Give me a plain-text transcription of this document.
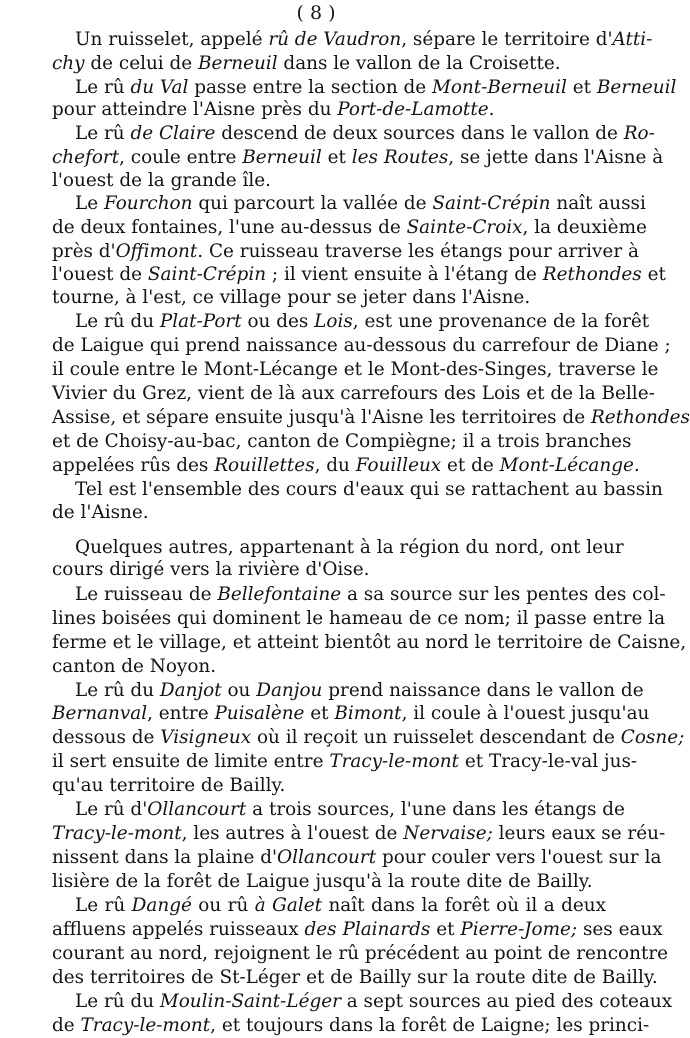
( 8 )
Un ruisselet, appelé rû de Vaudron, sépare le territoire d'Atti-
chy de celui de Berneuil dans le vallon de la Croisette.
Le rû du Val passe entre la section de Mont-Berneuil et Berneuil
pour atteindre l'Aisne près du Port-de-Lamotte.
Le rû de Claire descend de deux sources dans le vallon de Ro-
chefort, coule entre Berneuil et les Routes, se jette dans l'Aisne à
l'ouest de la grande île.
Le Fourchon qui parcourt la vallée de Saint-Crépin naît aussi
de deux fontaines, l'une au-dessus de Sainte-Croix, la deuxième
près d'Offimont. Ce ruisseau traverse les étangs pour arriver à
l'ouest de Saint-Crépin ; il vient ensuite à l'étang de Rethondes et
tourne, à l'est, ce village pour se jeter dans l'Aisne.
Le rû du Plat-Port ou des Lois, est une provenance de la forêt
de Laigue qui prend naissance au-dessous du carrefour de Diane ;
il coule entre le Mont-Lécange et le Mont-des-Singes, traverse le
Vivier du Grez, vient de là aux carrefours des Lois et de la Belle-
Assise, et sépare ensuite jusqu'à l'Aisne les territoires de Rethondes
et de Choisy-au-bac, canton de Compiègne; il a trois branches
appelées rûs des Rouillettes, du Fouilleux et de Mont-Lécange.
Tel est l'ensemble des cours d'eaux qui se rattachent au bassin
de l'Aisne.
Quelques autres, appartenant à la région du nord, ont leur
cours dirigé vers la rivière d'Oise.
Le ruisseau de Bellefontaine a sa source sur les pentes des col-
lines boisées qui dominent le hameau de ce nom; il passe entre la
ferme et le village, et atteint bientôt au nord le territoire de Caisne,
canton de Noyon.
Le rû du Danjot ou Danjou prend naissance dans le vallon de
Bernanval, entre Puisalène et Bimont, il coule à l'ouest jusqu'au
dessous de Visigneux où il reçoit un ruisselet descendant de Cosne;
il sert ensuite de limite entre Tracy-le-mont et Tracy-le-val jus-
qu'au territoire de Bailly.
Le rû d'Ollancourt a trois sources, l'une dans les étangs de
Tracy-le-mont, les autres à l'ouest de Nervaise; leurs eaux se réu-
nissent dans la plaine d'Ollancourt pour couler vers l'ouest sur la
lisière de la forêt de Laigue jusqu'à la route dite de Bailly.
Le rû Dangé ou rû à Galet naît dans la forêt où il a deux
affluens appelés ruisseaux des Plainards et Pierre-Jome; ses eaux
courant au nord, rejoignent le rû précédent au point de rencontre
des territoires de St-Léger et de Bailly sur la route dite de Bailly.
Le rû du Moulin-Saint-Léger a sept sources au pied des coteaux
de Tracy-le-mont, et toujours dans la forêt de Laigne; les princi-
